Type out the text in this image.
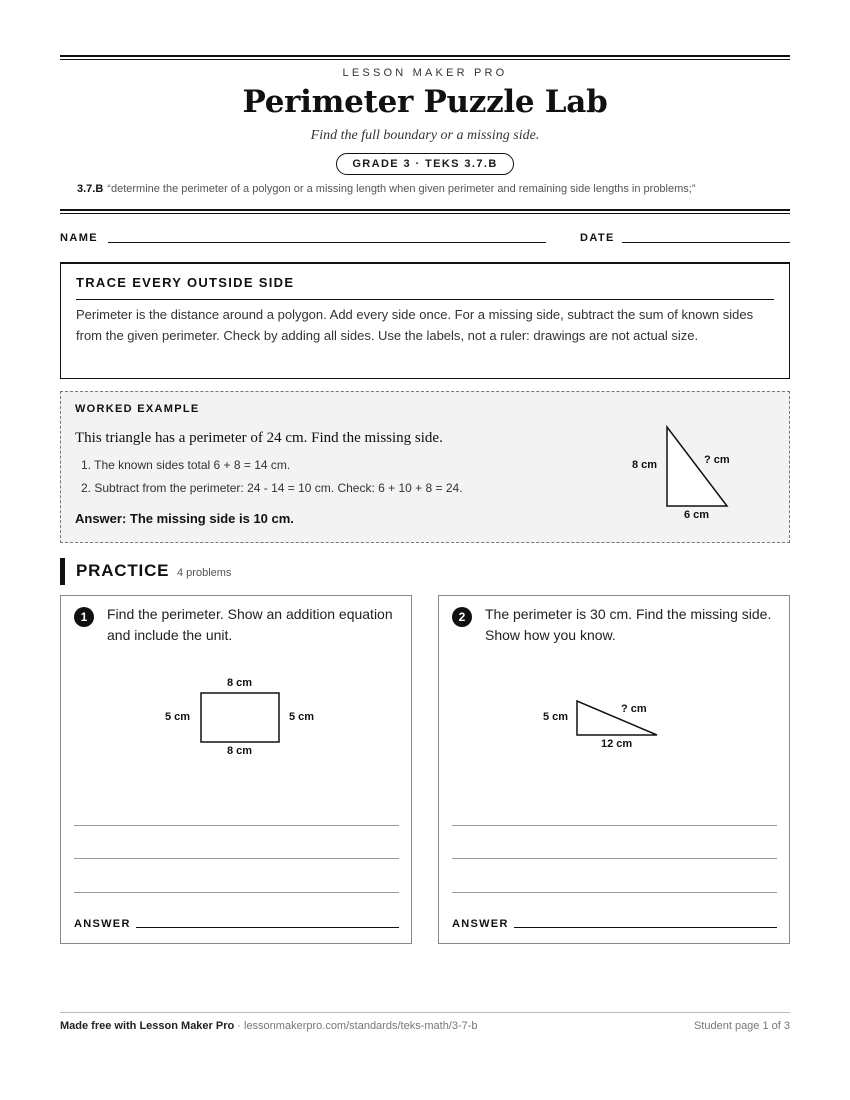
LESSON MAKER PRO
Perimeter Puzzle Lab
Find the full boundary or a missing side.
GRADE 3 · TEKS 3.7.B
3.7.B “determine the perimeter of a polygon or a missing length when given perimeter and remaining side lengths in problems;”
NAME	DATE
TRACE EVERY OUTSIDE SIDE
Perimeter is the distance around a polygon. Add every side once. For a missing side, subtract the sum of known sides from the given perimeter. Check by adding all sides. Use the labels, not a ruler: drawings are not actual size.
WORKED EXAMPLE
This triangle has a perimeter of 24 cm. Find the missing side.
1. The known sides total 6 + 8 = 14 cm.
2. Subtract from the perimeter: 24 - 14 = 10 cm. Check: 6 + 10 + 8 = 24.
Answer: The missing side is 10 cm.
8 cm	? cm
6 cm
PRACTICE 4 problems
1	Find the perimeter. Show an addition equation and include the unit.
8 cm
8 cm
5 cm	5 cm
ANSWER
2	The perimeter is 30 cm. Find the missing side. Show how you know.
5 cm
? cm
12 cm
ANSWER
Made free with Lesson Maker Pro · lessonmakerpro.com/standards/teks-math/3-7-b	Student page 1 of 3
